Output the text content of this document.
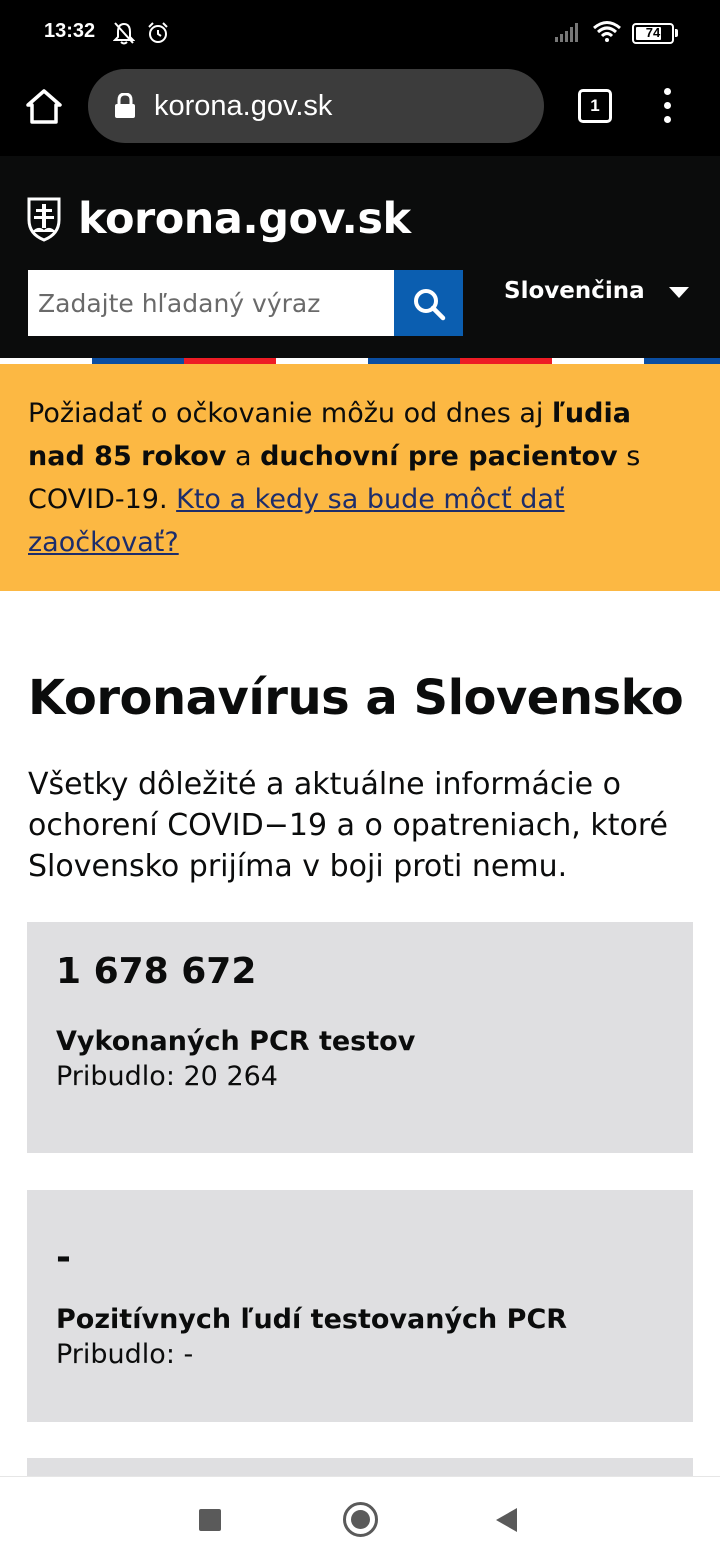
13:32	74
korona.gov.sk	1
korona.gov.sk
Zadajte hľadaný výraz
Slovenčina
Požiadať o očkovanie môžu od dnes aj ľudia nad 85 rokov a duchovní pre pacientov s COVID-19. Kto a kedy sa bude môcť dať zaočkovať?
Koronavírus a Slovensko

Všetky dôležité a aktuálne informácie o ochorení COVID−19 a o opatreniach, ktoré Slovensko prijíma v boji proti nemu.

1 678 672
Vykonaných PCR testov
Pribudlo: 20 264
-
Pozitívnych ľudí testovaných PCR
Pribudlo: -
